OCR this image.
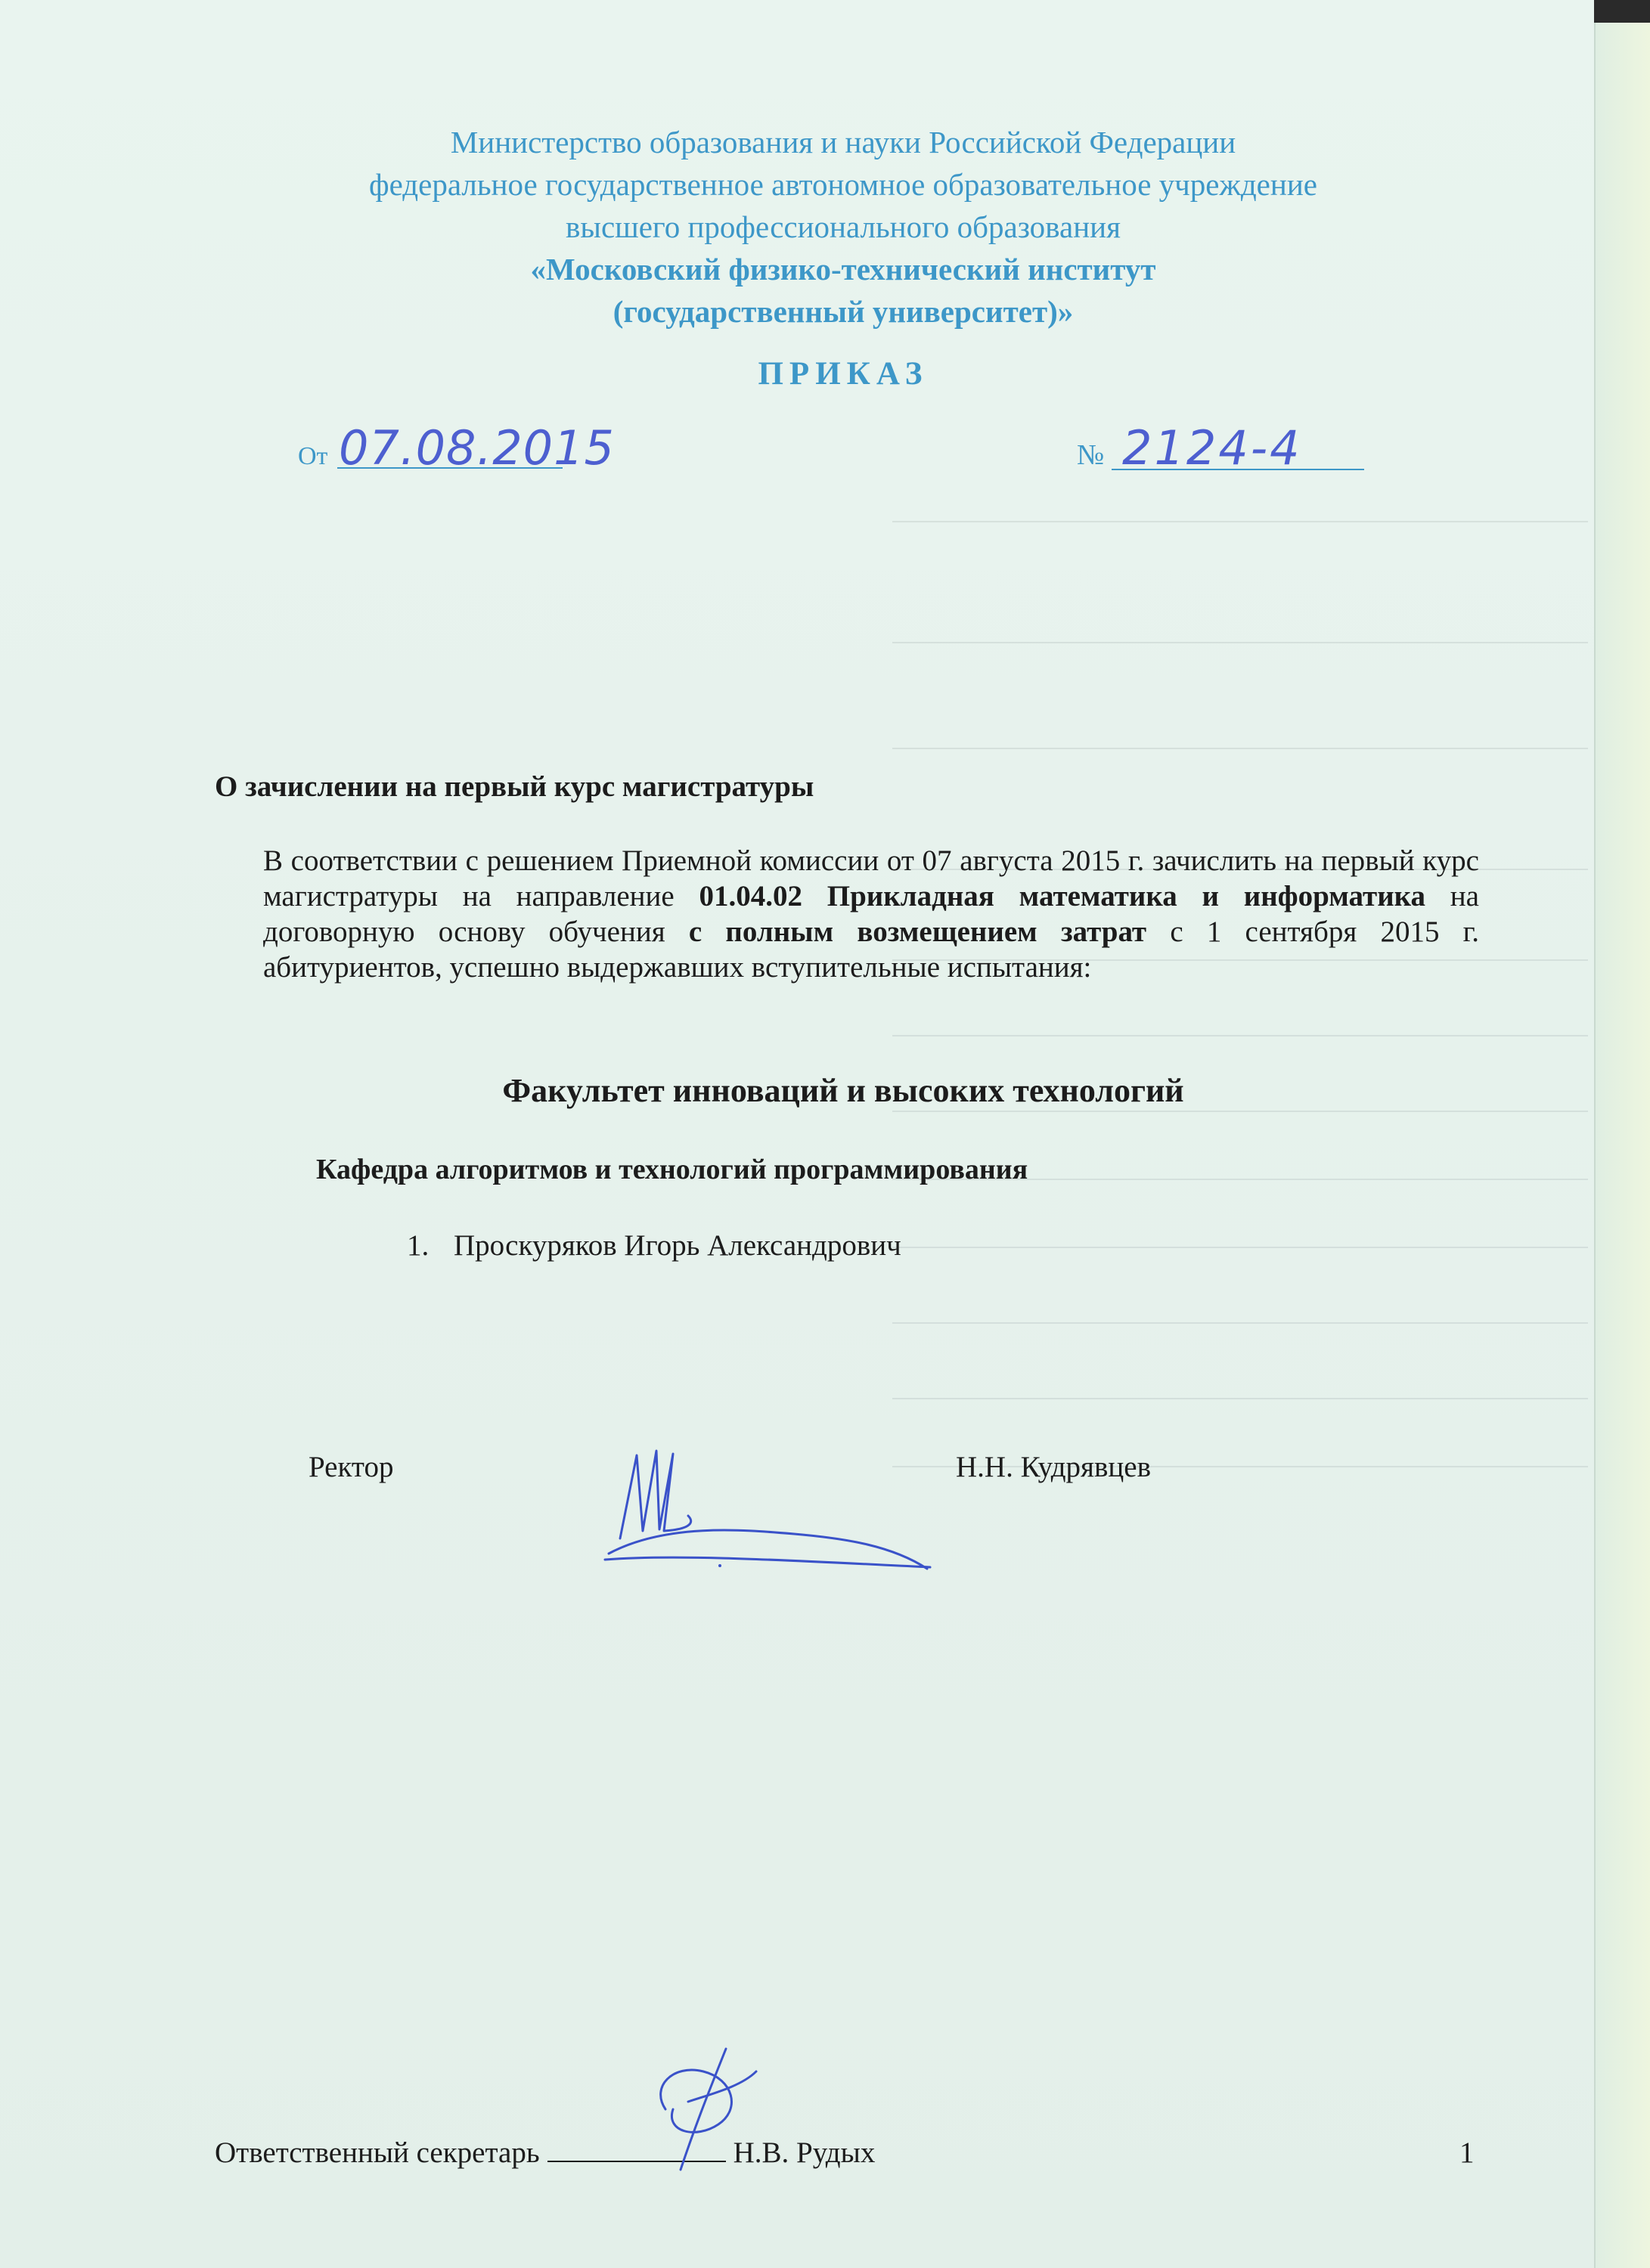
Министерство образования и науки Российской Федерации
федеральное государственное автономное образовательное учреждение
высшего профессионального образования
«Московский физико-технический институт
(государственный университет)»
ПРИКАЗ
От 07.08.2015	№ 2124-4
О зачислении на первый курс магистратуры
В соответствии с решением Приемной комиссии от 07 августа 2015 г. зачислить на первый курс магистратуры на направление 01.04.02 Прикладная математика и информатика на договорную основу обучения с полным возмещением затрат с 1 сентября 2015 г. абитуриентов, успешно выдержавших вступительные испытания:
Факультет инноваций и высоких технологий
Кафедра алгоритмов и технологий программирования
1. Проскуряков Игорь Александрович
Ректор	Н.Н. Кудрявцев
Ответственный секретарь	Н.В. Рудых	1
